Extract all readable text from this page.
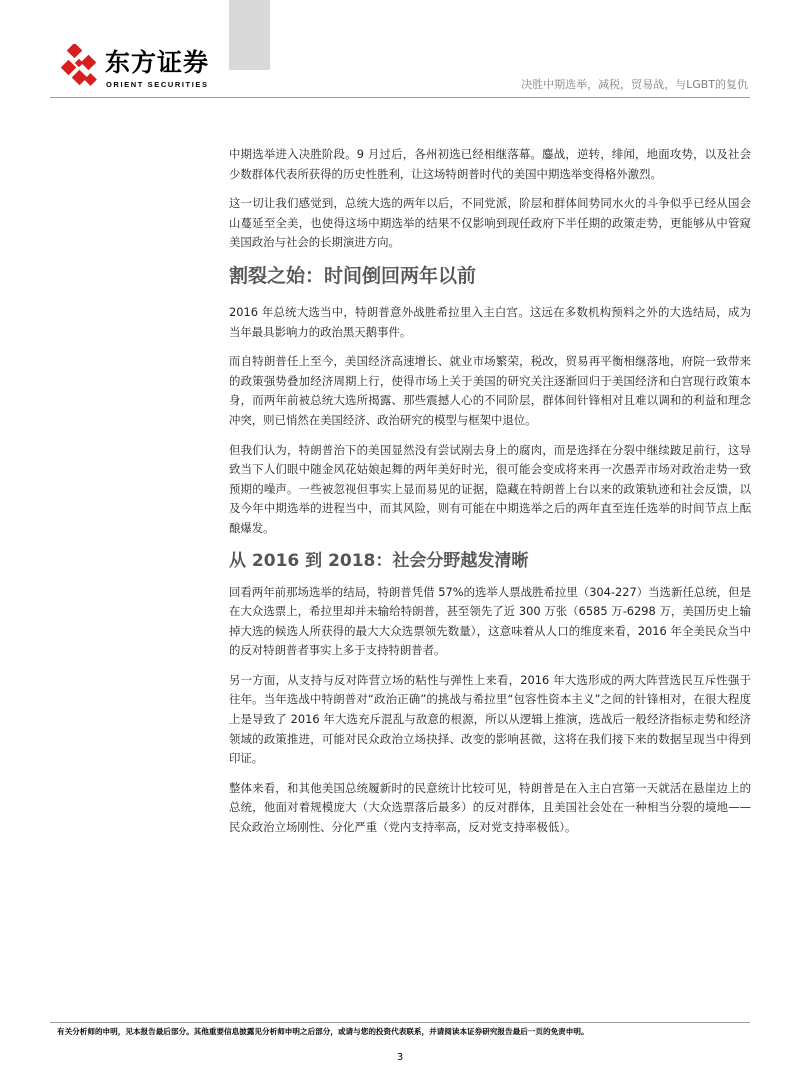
东方证券
ORIENT SECURITIES	决胜中期选举，减税，贸易战，与LGBT的复仇

中期选举进入决胜阶段。9 月过后，各州初选已经相继落幕。鏖战，逆转，绯闻，地面攻势，以及社会少数群体代表所获得的历史性胜利，让这场特朗普时代的美国中期选举变得格外激烈。

这一切让我们感觉到，总统大选的两年以后，不同党派，阶层和群体间势同水火的斗争似乎已经从国会山蔓延至全美，也使得这场中期选举的结果不仅影响到现任政府下半任期的政策走势，更能够从中管窥美国政治与社会的长期演进方向。

割裂之始：时间倒回两年以前

2016 年总统大选当中，特朗普意外战胜希拉里入主白宫。这远在多数机构预料之外的大选结局，成为当年最具影响力的政治黑天鹅事件。

而自特朗普任上至今，美国经济高速增长、就业市场繁荣，税改，贸易再平衡相继落地，府院一致带来的政策强势叠加经济周期上行，使得市场上关于美国的研究关注逐渐回归于美国经济和白宫现行政策本身，而两年前被总统大选所揭露、那些震撼人心的不同阶层，群体间针锋相对且难以调和的利益和理念冲突，则已悄然在美国经济、政治研究的模型与框架中退位。

但我们认为，特朗普治下的美国显然没有尝试剐去身上的腐肉，而是选择在分裂中继续跛足前行，这导致当下人们眼中随金风花姑娘起舞的两年美好时光，很可能会变成将来再一次愚弄市场对政治走势一致预期的噪声。一些被忽视但事实上显而易见的证据，隐藏在特朗普上台以来的政策轨迹和社会反馈，以及今年中期选举的进程当中，而其风险，则有可能在中期选举之后的两年直至连任选举的时间节点上酝酿爆发。

从 2016 到 2018：社会分野越发清晰

回看两年前那场选举的结局，特朗普凭借 57%的选举人票战胜希拉里（304-227）当选新任总统，但是在大众选票上，希拉里却并未输给特朗普，甚至领先了近 300 万张（6585 万-6298 万，美国历史上输掉大选的候选人所获得的最大大众选票领先数量），这意味着从人口的维度来看，2016 年全美民众当中的反对特朗普者事实上多于支持特朗普者。

另一方面，从支持与反对阵营立场的粘性与弹性上来看，2016 年大选形成的两大阵营选民互斥性强于往年。当年选战中特朗普对“政治正确”的挑战与希拉里“包容性资本主义”之间的针锋相对，在很大程度上是导致了 2016 年大选充斥混乱与敌意的根源，所以从逻辑上推演，选战后一般经济指标走势和经济领域的政策推进，可能对民众政治立场抉择、改变的影响甚微，这将在我们接下来的数据呈现当中得到印证。

整体来看，和其他美国总统履新时的民意统计比较可见，特朗普是在入主白宫第一天就活在悬崖边上的总统，他面对着规模庞大（大众选票落后最多）的反对群体，且美国社会处在一种相当分裂的境地——民众政治立场刚性、分化严重（党内支持率高，反对党支持率极低）。

有关分析师的申明，见本报告最后部分。其他重要信息披露见分析师申明之后部分，或请与您的投资代表联系，并请阅读本证券研究报告最后一页的免责申明。
3
